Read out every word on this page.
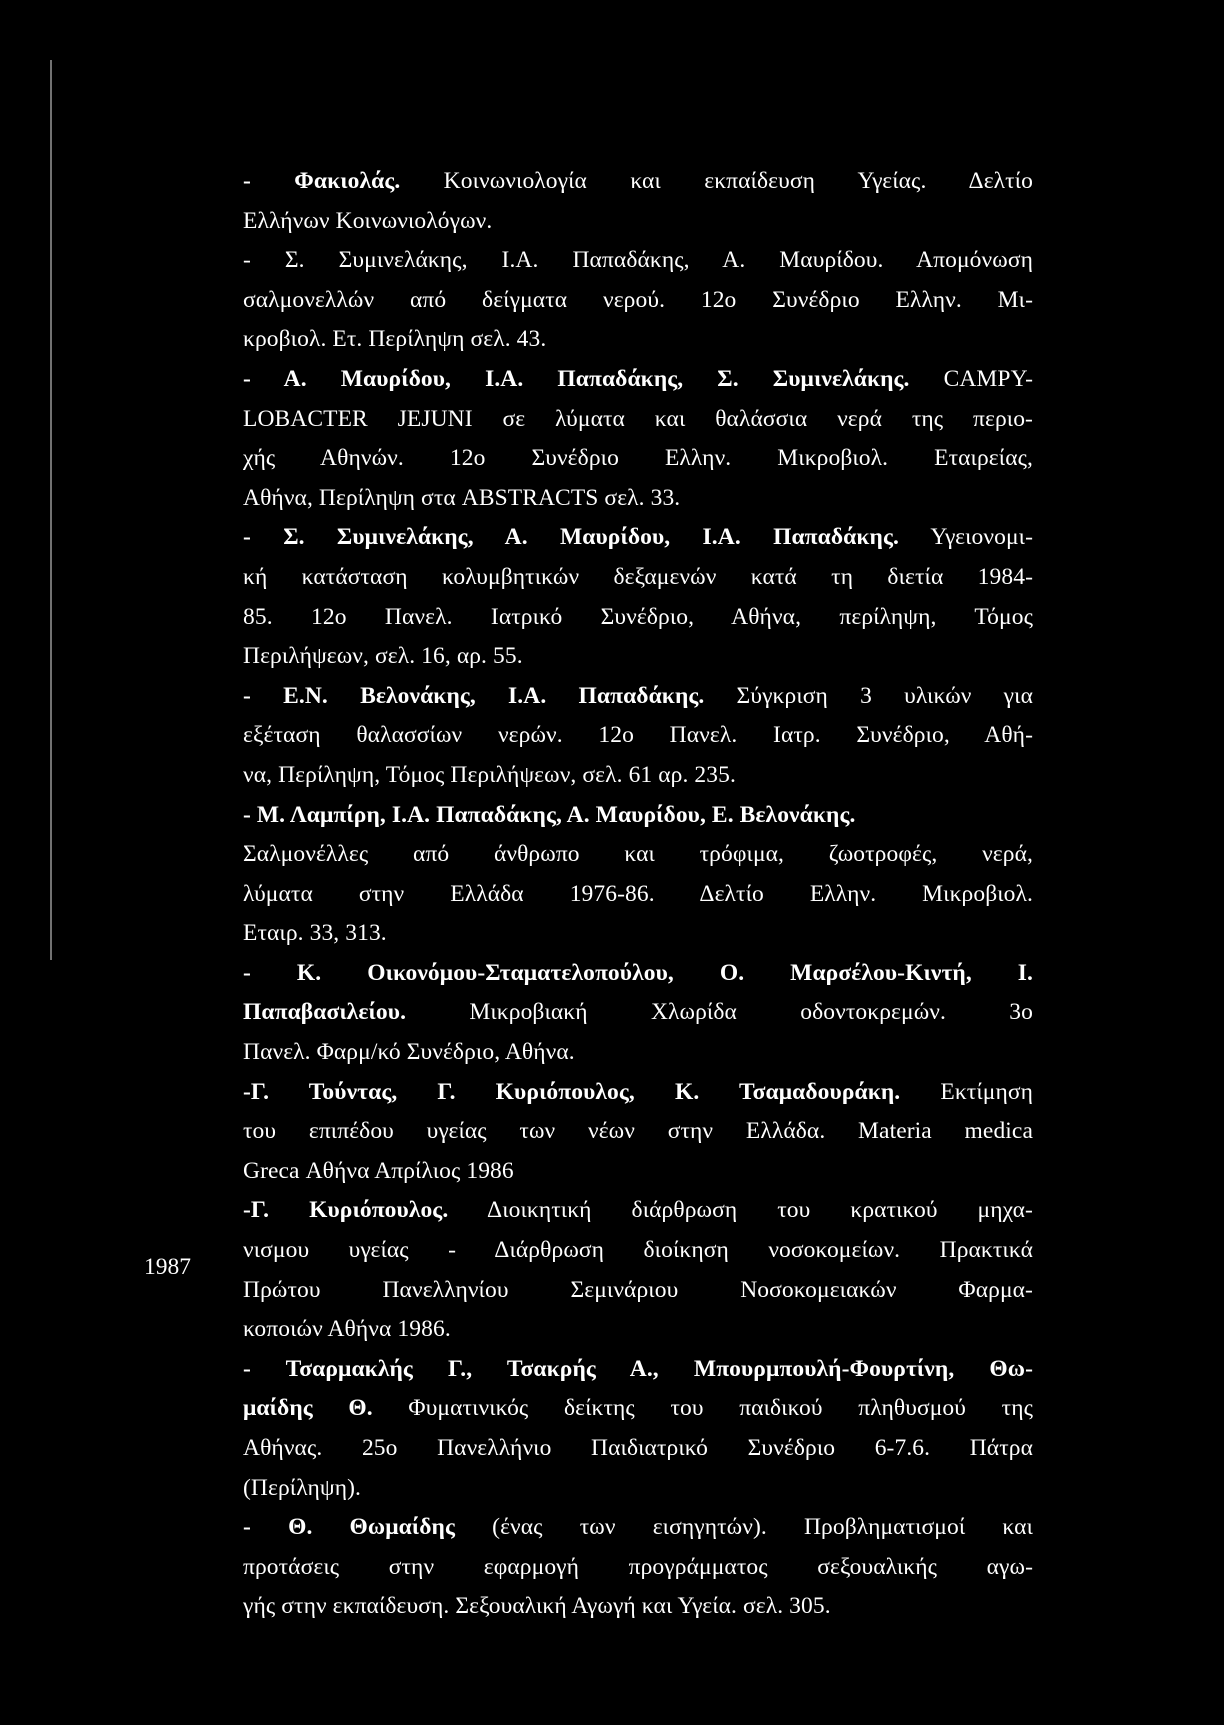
1987
- Φακιολάς. Κοινωνιολογία και εκπαίδευση Υγείας. Δελτίο
Ελλήνων Κοινωνιολόγων.
- Σ. Συμινελάκης, Ι.Α. Παπαδάκης, Α. Μαυρίδου. Απομόνωση
σαλμονελλών από δείγματα νερού. 12ο Συνέδριο Ελλην. Μι-
κροβιολ. Ετ. Περίληψη σελ. 43.
- Α. Μαυρίδου, Ι.Α. Παπαδάκης, Σ. Συμινελάκης. CAMPY-
LOBACTER JEJUNI σε λύματα και θαλάσσια νερά της περιο-
χής Αθηνών. 12ο Συνέδριο Ελλην. Μικροβιολ. Εταιρείας,
Αθήνα, Περίληψη στα ABSTRACTS σελ. 33.
- Σ. Συμινελάκης, Α. Μαυρίδου, Ι.Α. Παπαδάκης. Υγειονομι-
κή κατάσταση κολυμβητικών δεξαμενών κατά τη διετία 1984-
85. 12ο Πανελ. Ιατρικό Συνέδριο, Αθήνα, περίληψη, Τόμος
Περιλήψεων, σελ. 16, αρ. 55.
- Ε.Ν. Βελονάκης, Ι.Α. Παπαδάκης. Σύγκριση 3 υλικών για
εξέταση θαλασσίων νερών. 12ο Πανελ. Ιατρ. Συνέδριο, Αθή-
να, Περίληψη, Τόμος Περιλήψεων, σελ. 61 αρ. 235.
- Μ. Λαμπίρη, Ι.Α. Παπαδάκης, Α. Μαυρίδου, Ε. Βελονάκης.
Σαλμονέλλες από άνθρωπο και τρόφιμα, ζωοτροφές, νερά,
λύματα στην Ελλάδα 1976-86. Δελτίο Ελλην. Μικροβιολ.
Εταιρ. 33, 313.
- Κ. Οικονόμου-Σταματελοπούλου, Ο. Μαρσέλου-Κιντή, Ι.
Παπαβασιλείου. Μικροβιακή Χλωρίδα οδοντοκρεμών. 3ο
Πανελ. Φαρμ/κό Συνέδριο, Αθήνα.
-Γ. Τούντας, Γ. Κυριόπουλος, Κ. Τσαμαδουράκη. Εκτίμηση
του επιπέδου υγείας των νέων στην Ελλάδα. Materia medica
Greca Αθήνα Απρίλιος 1986
-Γ. Κυριόπουλος. Διοικητική διάρθρωση του κρατικού μηχα-
νισμου υγείας - Διάρθρωση διοίκηση νοσοκομείων. Πρακτικά
Πρώτου Πανελληνίου Σεμινάριου Νοσοκομειακών Φαρμα-
κοποιών Αθήνα 1986.
- Τσαρμακλής Γ., Τσακρής Α., Μπουρμπουλή-Φουρτίνη, Θω-
μαίδης Θ. Φυματινικός δείκτης του παιδικού πληθυσμού της
Αθήνας. 25ο Πανελλήνιο Παιδιατρικό Συνέδριο 6-7.6. Πάτρα
(Περίληψη).
- Θ. Θωμαίδης (ένας των εισηγητών). Προβληματισμοί και
προτάσεις στην εφαρμογή προγράμματος σεξουαλικής αγω-
γής στην εκπαίδευση. Σεξουαλική Αγωγή και Υγεία. σελ. 305.
